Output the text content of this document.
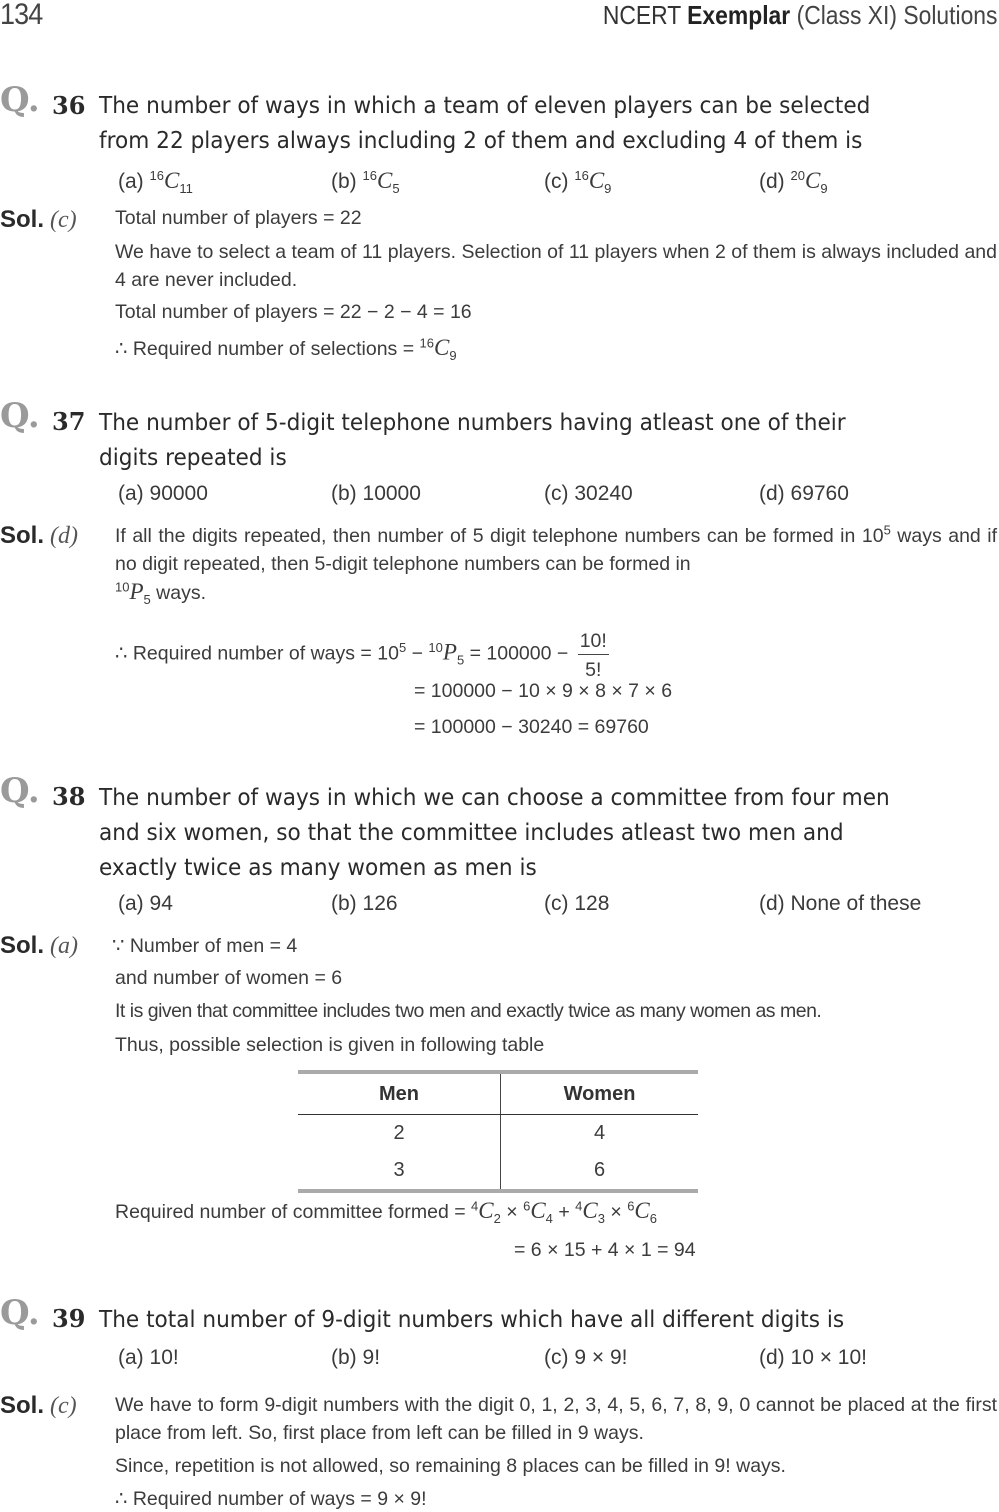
134	NCERT Exemplar (Class XI) Solutions
Q. 36 The number of ways in which a team of eleven players can be selected
from 22 players always including 2 of them and excluding 4 of them is
(a) $^{16}C_{11}$	(b) $^{16}C_5$	(c) $^{16}C_9$	(d) $^{20}C_9$
Sol. (c) Total number of players = 22
We have to select a team of 11 players. Selection of 11 players when 2 of them is always included and 4 are never included.
Total number of players = 22 − 2 − 4 = 16
∴ Required number of selections = $^{16}C_9$
Q. 37 The number of 5-digit telephone numbers having atleast one of their
digits repeated is
(a) 90000	(b) 10000	(c) 30240	(d) 69760
Sol. (d) If all the digits repeated, then number of 5 digit telephone numbers can be formed in $10^5$ ways and if no digit repeated, then 5-digit telephone numbers can be formed in
$^{10}P_5$ ways.
∴ Required number of ways = $10^5 - ^{10}P_5 = 100000 - \frac{10!}{5!}$
= 100000 − 10 × 9 × 8 × 7 × 6
= 100000 − 30240 = 69760
Q. 38 The number of ways in which we can choose a committee from four men
and six women, so that the committee includes atleast two men and
exactly twice as many women as men is
(a) 94	(b) 126	(c) 128	(d) None of these
Sol. (a) ∵ Number of men = 4
and number of women = 6
It is given that committee includes two men and exactly twice as many women as men.
Thus, possible selection is given in following table
Men	Women
2	4
3	6
Required number of committee formed = $^4C_2 \times ^6C_4 + ^4C_3 \times ^6C_6$
= 6 × 15 + 4 × 1 = 94
Q. 39 The total number of 9-digit numbers which have all different digits is
(a) 10!	(b) 9!	(c) 9 × 9!	(d) 10 × 10!
Sol. (c) We have to form 9-digit numbers with the digit 0, 1, 2, 3, 4, 5, 6, 7, 8, 9, 0 cannot be placed at the first place from left. So, first place from left can be filled in 9 ways.
Since, repetition is not allowed, so remaining 8 places can be filled in 9! ways.
∴ Required number of ways = 9 × 9!
